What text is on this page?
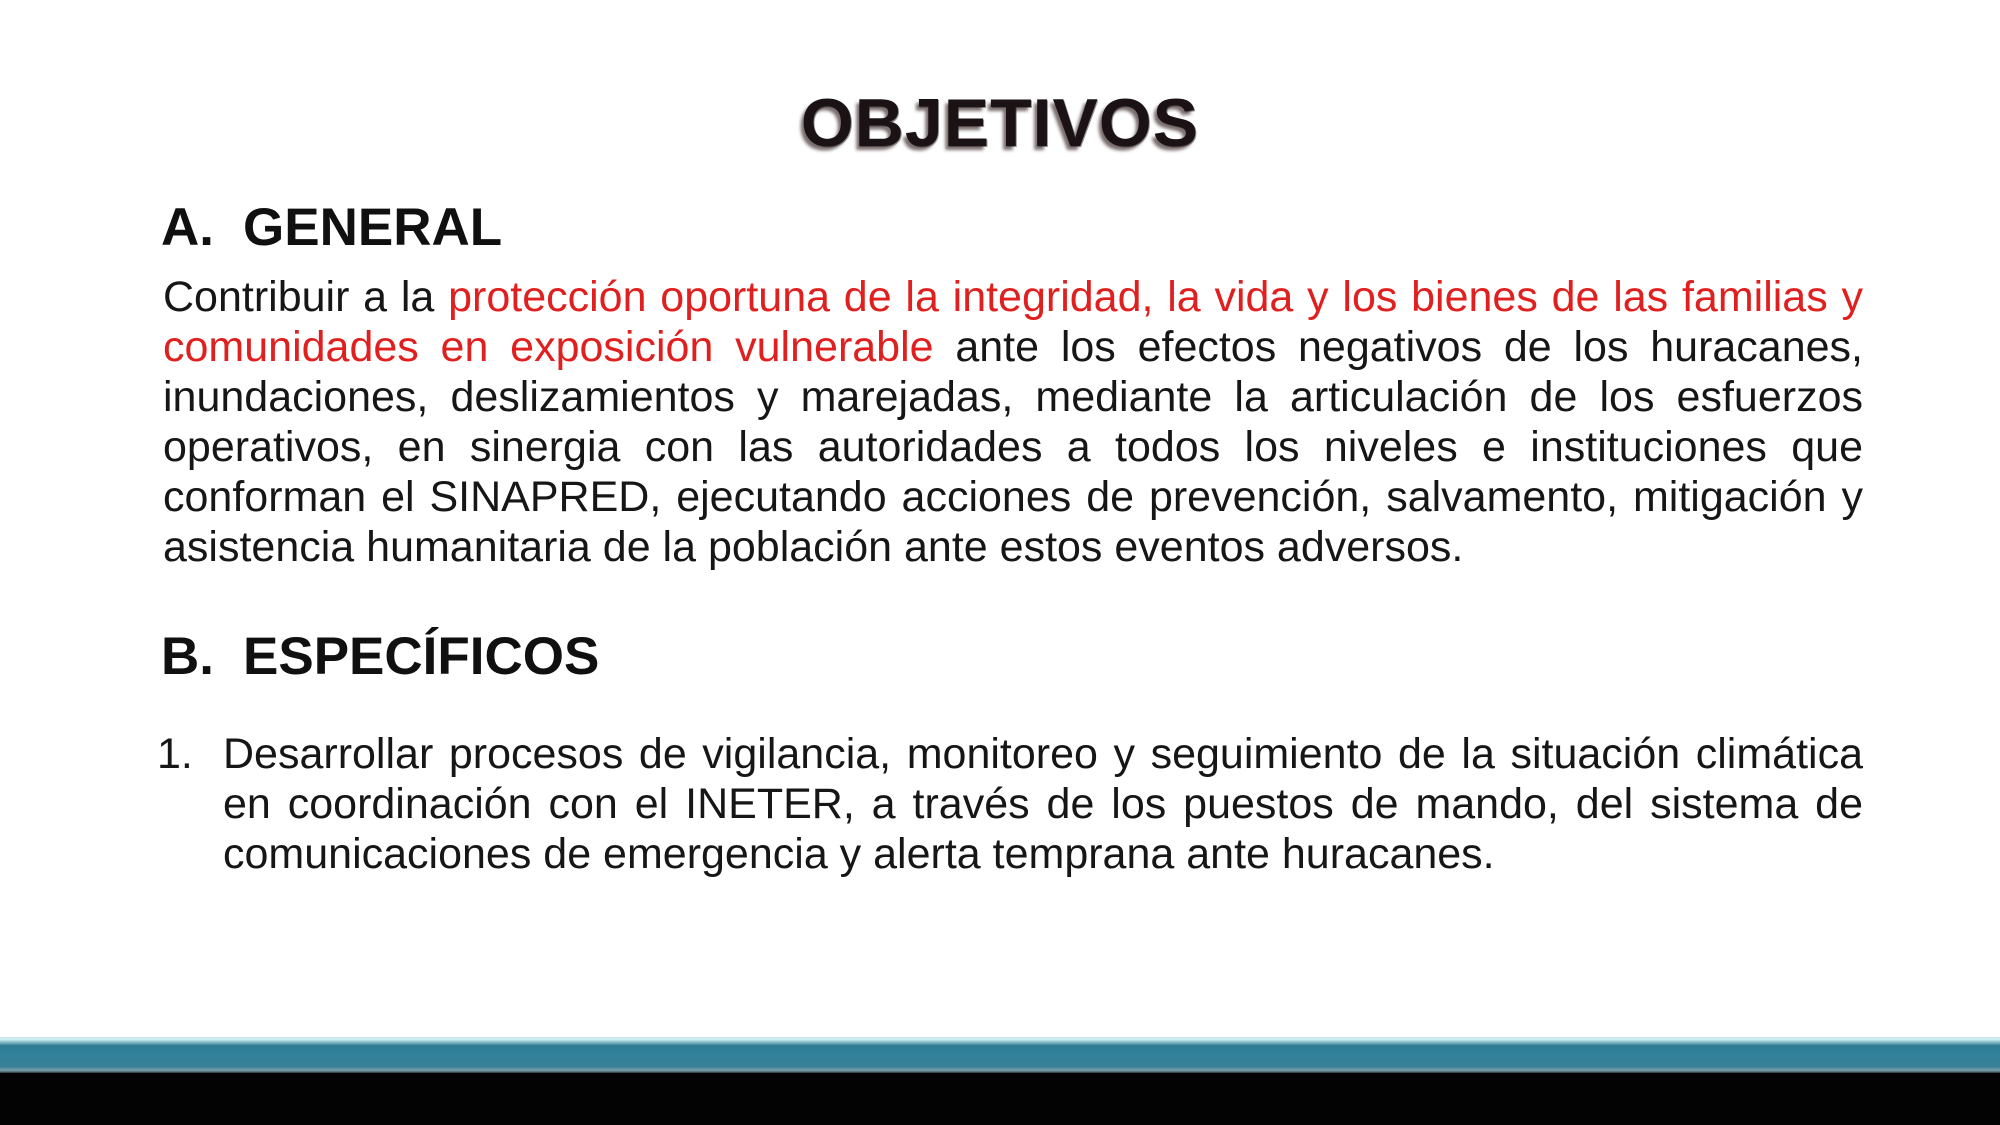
OBJETIVOS
A. GENERAL
Contribuir a la protección oportuna de la integridad, la vida y los bienes de las familias y comunidades en exposición vulnerable ante los efectos negativos de los huracanes, inundaciones, deslizamientos y marejadas, mediante la articulación de los esfuerzos operativos, en sinergia con las autoridades a todos los niveles e instituciones que conforman el SINAPRED, ejecutando acciones de prevención, salvamento, mitigación y asistencia humanitaria de la población ante estos eventos adversos.
B. ESPECÍFICOS
1. Desarrollar procesos de vigilancia, monitoreo y seguimiento de la situación climática en coordinación con el INETER, a través de los puestos de mando, del sistema de comunicaciones de emergencia y alerta temprana ante huracanes.
